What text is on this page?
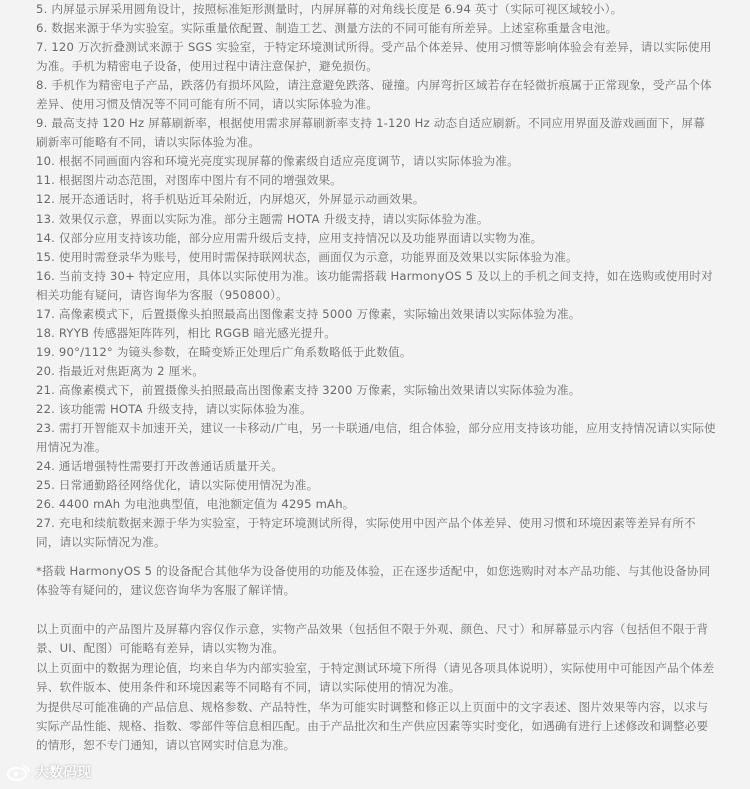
5. 内屏显示屏采用圆角设计，按照标准矩形测量时，内屏屏幕的对角线长度是 6.94 英寸（实际可视区域较小）。

6. 数据来源于华为实验室。实际重量依配置、制造工艺、测量方法的不同可能有所差异。上述室称重量含电池。

7. 120 万次折叠测试来源于 SGS 实验室，于特定环境测试所得。受产品个体差异、使用习惯等影响体验会有差异，请以实际使用为准。手机为精密电子设备，使用过程中请注意保护，避免损伤。

8. 手机作为精密电子产品，跌落仍有损坏风险，请注意避免跌落、碰撞。内屏弯折区域若存在轻微折痕属于正常现象，受产品个体差异、使用习惯及情况等不同可能有所不同，请以实际体验为准。

9. 最高支持 120 Hz 屏幕刷新率，根据使用需求屏幕刷新率支持 1-120 Hz 动态自适应刷新。不同应用界面及游戏画面下，屏幕刷新率可能略有不同，请以实际体验为准。

10. 根据不同画面内容和环境光亮度实现屏幕的像素级自适应亮度调节，请以实际体验为准。

11. 根据图片动态范围，对图库中图片有不同的增强效果。

12. 展开态通话时，将手机贴近耳朵附近，内屏熄灭，外屏显示动画效果。

13. 效果仅示意，界面以实际为准。部分主题需 HOTA 升级支持，请以实际体验为准。

14. 仅部分应用支持该功能，部分应用需升级后支持，应用支持情况以及功能界面请以实物为准。

15. 使用时需登录华为账号，使用时需保持联网状态，画面仅为示意，功能界面及效果以实际体验为准。

16. 当前支持 30+ 特定应用，具体以实际使用为准。该功能需搭载 HarmonyOS 5 及以上的手机之间支持，如在选购或使用时对相关功能有疑问，请咨询华为客服（950800）。

17. 高像素模式下，后置摄像头拍照最高出图像素支持 5000 万像素，实际输出效果请以实际体验为准。

18. RYYB 传感器矩阵阵列，相比 RGGB 暗光感光提升。

19. 90°/112° 为镜头参数，在畸变矫正处理后广角系数略低于此数值。

20. 指最近对焦距离为 2 厘米。

21. 高像素模式下，前置摄像头拍照最高出图像素支持 3200 万像素，实际输出效果请以实际体验为准。

22. 该功能需 HOTA 升级支持，请以实际体验为准。

23. 需打开智能双卡加速开关，建议一卡移动/广电，另一卡联通/电信，组合体验，部分应用支持该功能，应用支持情况请以实际使用情况为准。

24. 通话增强特性需要打开改善通话质量开关。

25. 日常通勤路径网络优化，请以实际使用情况为准。

26. 4400 mAh 为电池典型值，电池额定值为 4295 mAh。

27. 充电和续航数据来源于华为实验室，于特定环境测试所得，实际使用中因产品个体差异、使用习惯和环境因素等差异有所不同，请以实际情况为准。

*搭载 HarmonyOS 5 的设备配合其他华为设备使用的功能及体验，正在逐步适配中，如您选购时对本产品功能、与其他设备协同体验等有疑问的，建议您咨询华为客服了解详情。

以上页面中的产品图片及屏幕内容仅作示意，实物产品效果（包括但不限于外观、颜色、尺寸）和屏幕显示内容（包括但不限于背景、UI、配图）可能略有差异，请以实物为准。

以上页面中的数据为理论值，均来自华为内部实验室，于特定测试环境下所得（请见各项具体说明），实际使用中可能因产品个体差异、软件版本、使用条件和环境因素等不同略有不同，请以实际使用的情况为准。

为提供尽可能准确的产品信息、规格参数、产品特性，华为可能实时调整和修正以上页面中的文字表述、图片效果等内容，以求与实际产品性能、规格、指数、零部件等信息相匹配。由于产品批次和生产供应因素等实时变化，如遇确有进行上述修改和调整必要的情形，恕不专门通知，请以官网实时信息为准。

大数码现
